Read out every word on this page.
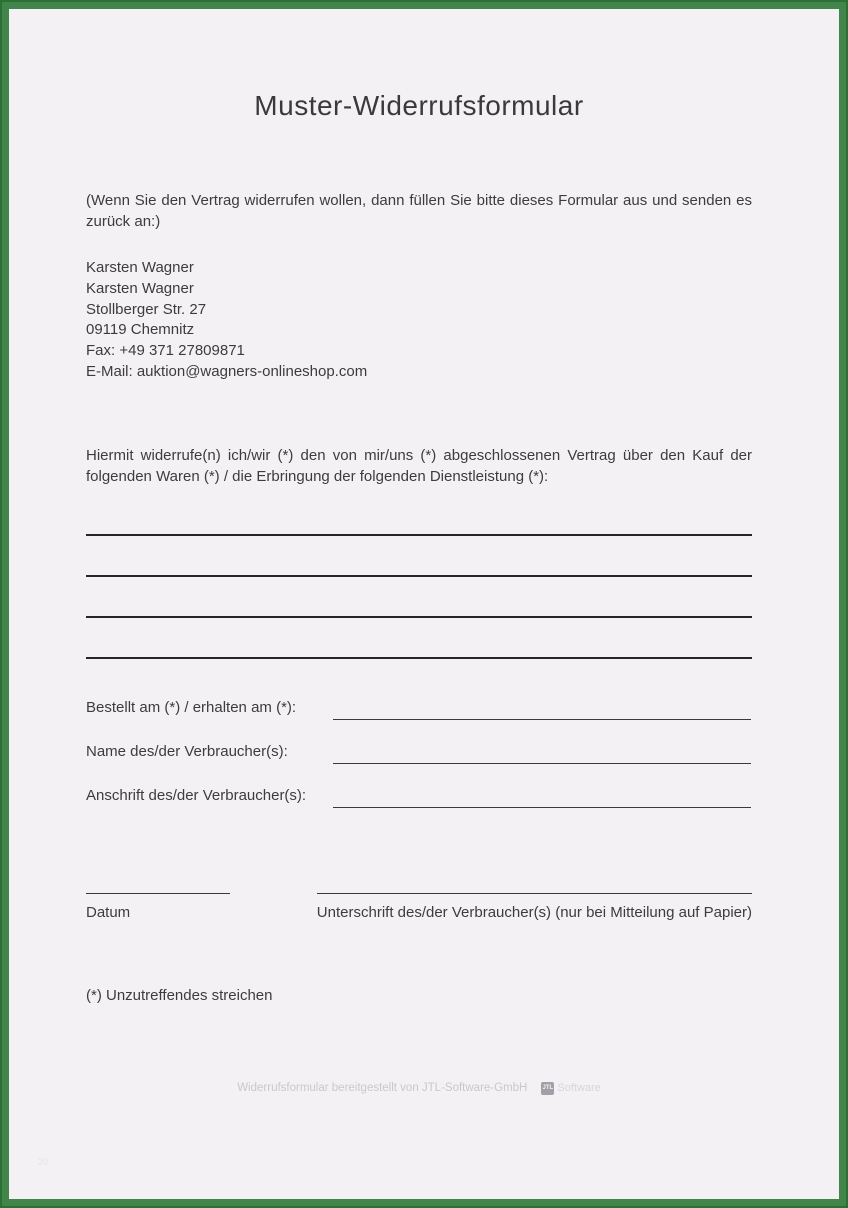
Muster-Widerrufsformular

(Wenn Sie den Vertrag widerrufen wollen, dann füllen Sie bitte dieses Formular aus und senden es zurück an:)

Karsten Wagner
Karsten Wagner
Stollberger Str. 27
09119 Chemnitz
Fax: +49 371 27809871
E-Mail: auktion@wagners-onlineshop.com

Hiermit widerrufe(n) ich/wir (*) den von mir/uns (*) abgeschlossenen Vertrag über den Kauf der folgenden Waren (*) / die Erbringung der folgenden Dienstleistung (*):

Bestellt am (*) / erhalten am (*):
Name des/der Verbraucher(s):
Anschrift des/der Verbraucher(s):
Datum	Unterschrift des/der Verbraucher(s) (nur bei Mitteilung auf Papier)
(*) Unzutreffendes streichen
Widerrufsformular bereitgestellt von JTL-Software-GmbH	JTL Software
20
